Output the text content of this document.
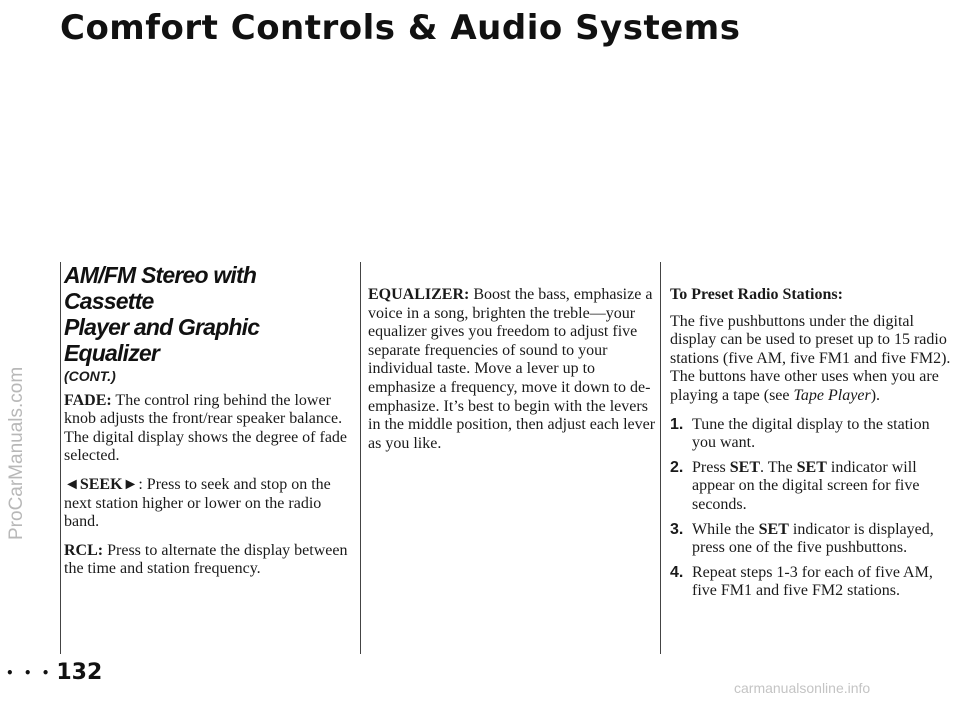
Comfort Controls & Audio Systems
ProCarManuals.com
carmanualsonline.info
AM/FM Stereo with Cassette
Player and Graphic Equalizer
(CONT.)

FADE: The control ring behind the lower knob adjusts the front/rear speaker balance. The digital display shows the degree of fade selected.

◄SEEK►: Press to seek and stop on the next station higher or lower on the radio band.

RCL: Press to alternate the display between the time and station frequency.

EQUALIZER: Boost the bass, emphasize a voice in a song, brighten the treble—your equalizer gives you freedom to adjust five separate frequencies of sound to your individual taste. Move a lever up to emphasize a frequency, move it down to de-emphasize. It’s best to begin with the levers in the middle position, then adjust each lever as you like.

To Preset Radio Stations:

The five pushbuttons under the digital display can be used to preset up to 15 radio stations (five AM, five FM1 and five FM2). The buttons have other uses when you are playing a tape (see Tape Player).

1. Tune the digital display to the station you want.
2. Press SET. The SET indicator will appear on the digital screen for five seconds.
3. While the SET indicator is displayed, press one of the five pushbuttons.
4. Repeat steps 1-3 for each of five AM, five FM1 and five FM2 stations.
• • • 132
